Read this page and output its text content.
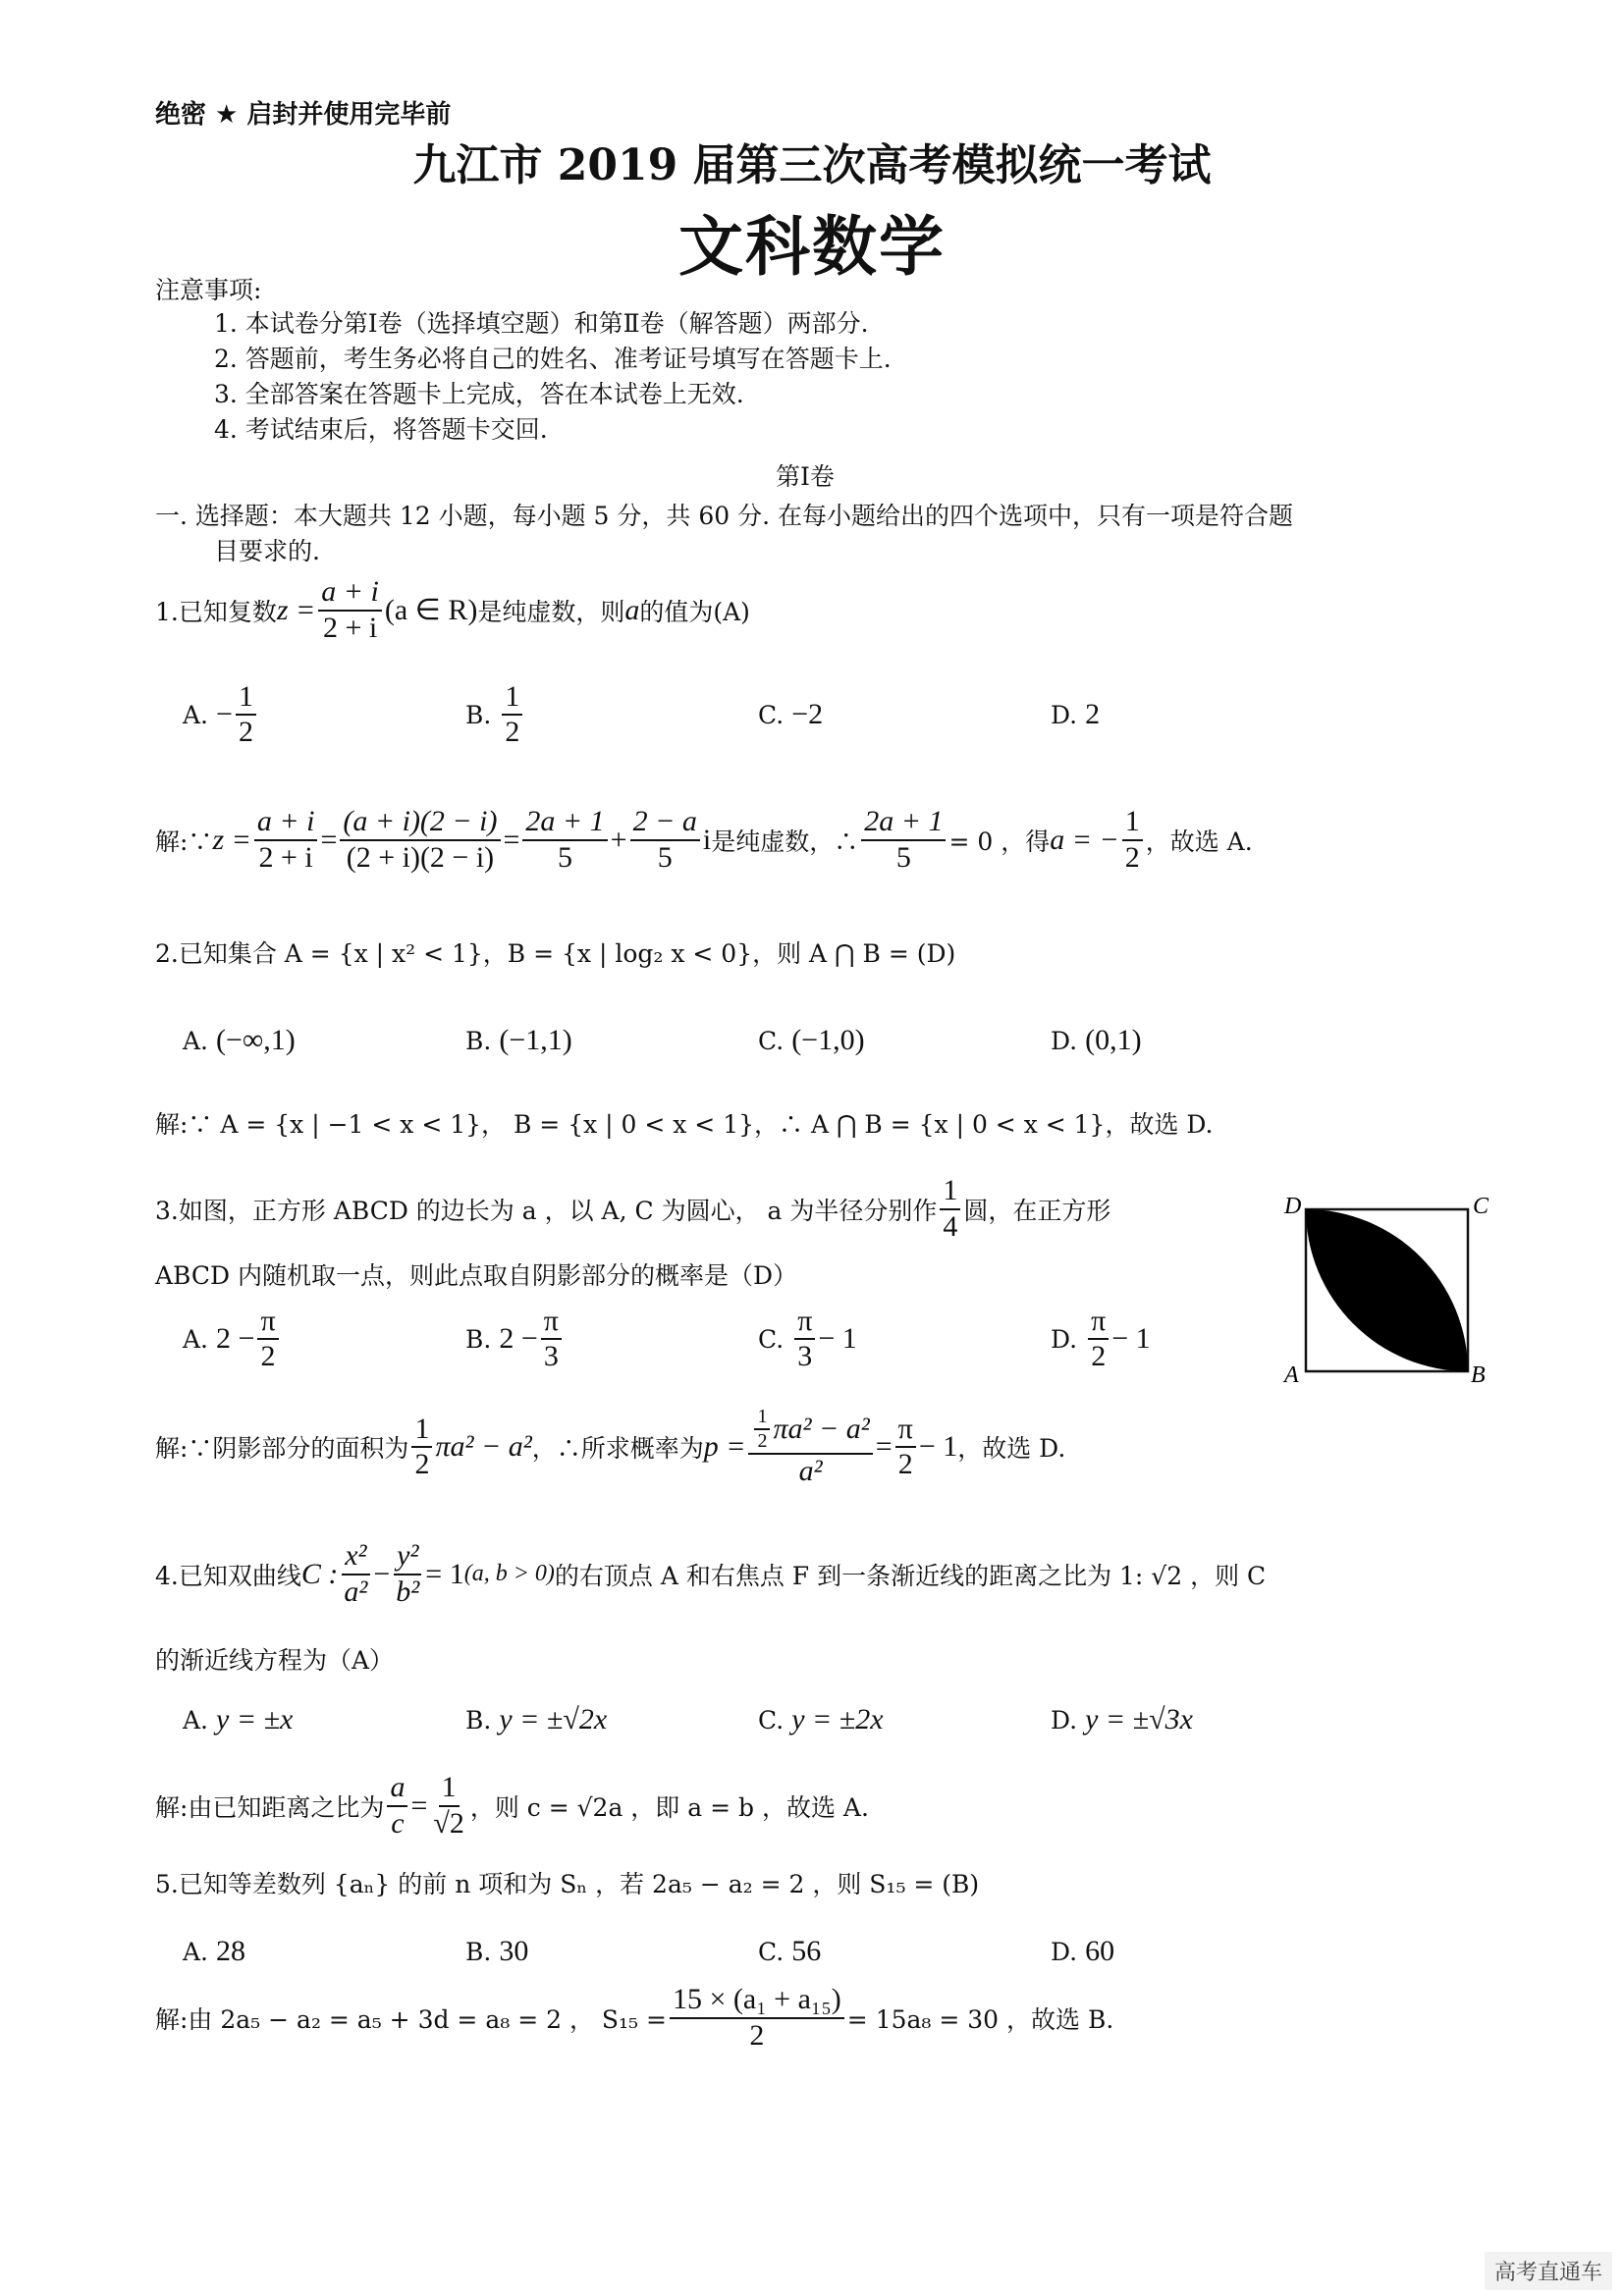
绝密 ★ 启封并使用完毕前
九江市 2019 届第三次高考模拟统一考试
文科数学
注意事项:
1. 本试卷分第Ⅰ卷（选择填空题）和第Ⅱ卷（解答题）两部分.
2. 答题前，考生务必将自己的姓名、准考证号填写在答题卡上.
3. 全部答案在答题卡上完成，答在本试卷上无效.
4. 考试结束后，将答题卡交回.
第Ⅰ卷
一. 选择题：本大题共 12 小题，每小题 5 分，共 60 分. 在每小题给出的四个选项中，只有一项是符合题
目要求的.
1.已知复数 $z = \frac{a + i}{2 + i} (a$ ∈ R) 是纯虚数，则 a 的值为(A)
A. − $\frac{1}{2}$	B. $\frac{1}{2}$	C. −2	D. 2
解:∵ $z = \frac{a + i}{2 + i} = \frac{(a + i)(2 - i)}{(2 + i)(2 - i)} = \frac{2a + 1}{5} + \frac{2 - a}{5}$ i 是纯虚数，∴ $\frac{2a + 1}{5} = 0$ ，得 a = − $\frac{1}{2}$ ，故选 A.
2.已知集合 A = {x | x² < 1}，B = {x | log₂ x < 0}，则 A ⋂ B = (D)
A. (−∞,1)	B. (−1,1)	C. (−1,0)	D. (0,1)
解:∵ A = {x | −1 < x < 1}， B = {x | 0 < x < 1}，∴ A ⋂ B = {x | 0 < x < 1}，故选 D.
3.如图，正方形 ABCD 的边长为 a ，以 A, C 为圆心， a 为半径分别作 $\frac{1}{4}$ 圆，在正方形
ABCD 内随机取一点，则此点取自阴影部分的概率是（D）
A. $2 - \frac{\pi}{2}$	B. $2 - \frac{\pi}{3}$	C. $\frac{\pi}{3} - 1$	D. $\frac{\pi}{2} - 1$
D	C
A	B
解:∵阴影部分的面积为 $\frac{1}{2} \pi a^2 - a^2$ ，∴所求概率为 $p = \frac{\frac{1}{2} \pi a^2 - a^2}{\text{a²}} = \frac{\pi}{2} - 1$ ，故选 D.
4.已知双曲线 C : $\frac{\text{x²}}{\text{a²}} - \frac{\text{y²}}{\text{b²}} = 1$ (a, b > 0) 的右顶点 A 和右焦点 F 到一条渐近线的距离之比为 1: √2 ，则 C
的渐近线方程为（A）
A. y = ±x	B. y = ±√2x	C. y = ±2x	D. y = ±√3x
解:由已知距离之比为 $\frac{a}{c} = \frac{1}{√2}$ ，则 c = √2a ，即 a = b ，故选 A.
5.已知等差数列 {aₙ} 的前 n 项和为 Sₙ ，若 2a₅ − a₂ = 2 ，则 S₁₅ = (B)
A. 28	B. 30	C. 56	D. 60
解:由 2a₅ − a₂ = a₅ + 3d = a₈ = 2 ， $S_{15} = \frac{\text{15 × (a₁ + a₁₅)}}{2} = 15a_8 = 30$ ，故选 B.
高考直通车
